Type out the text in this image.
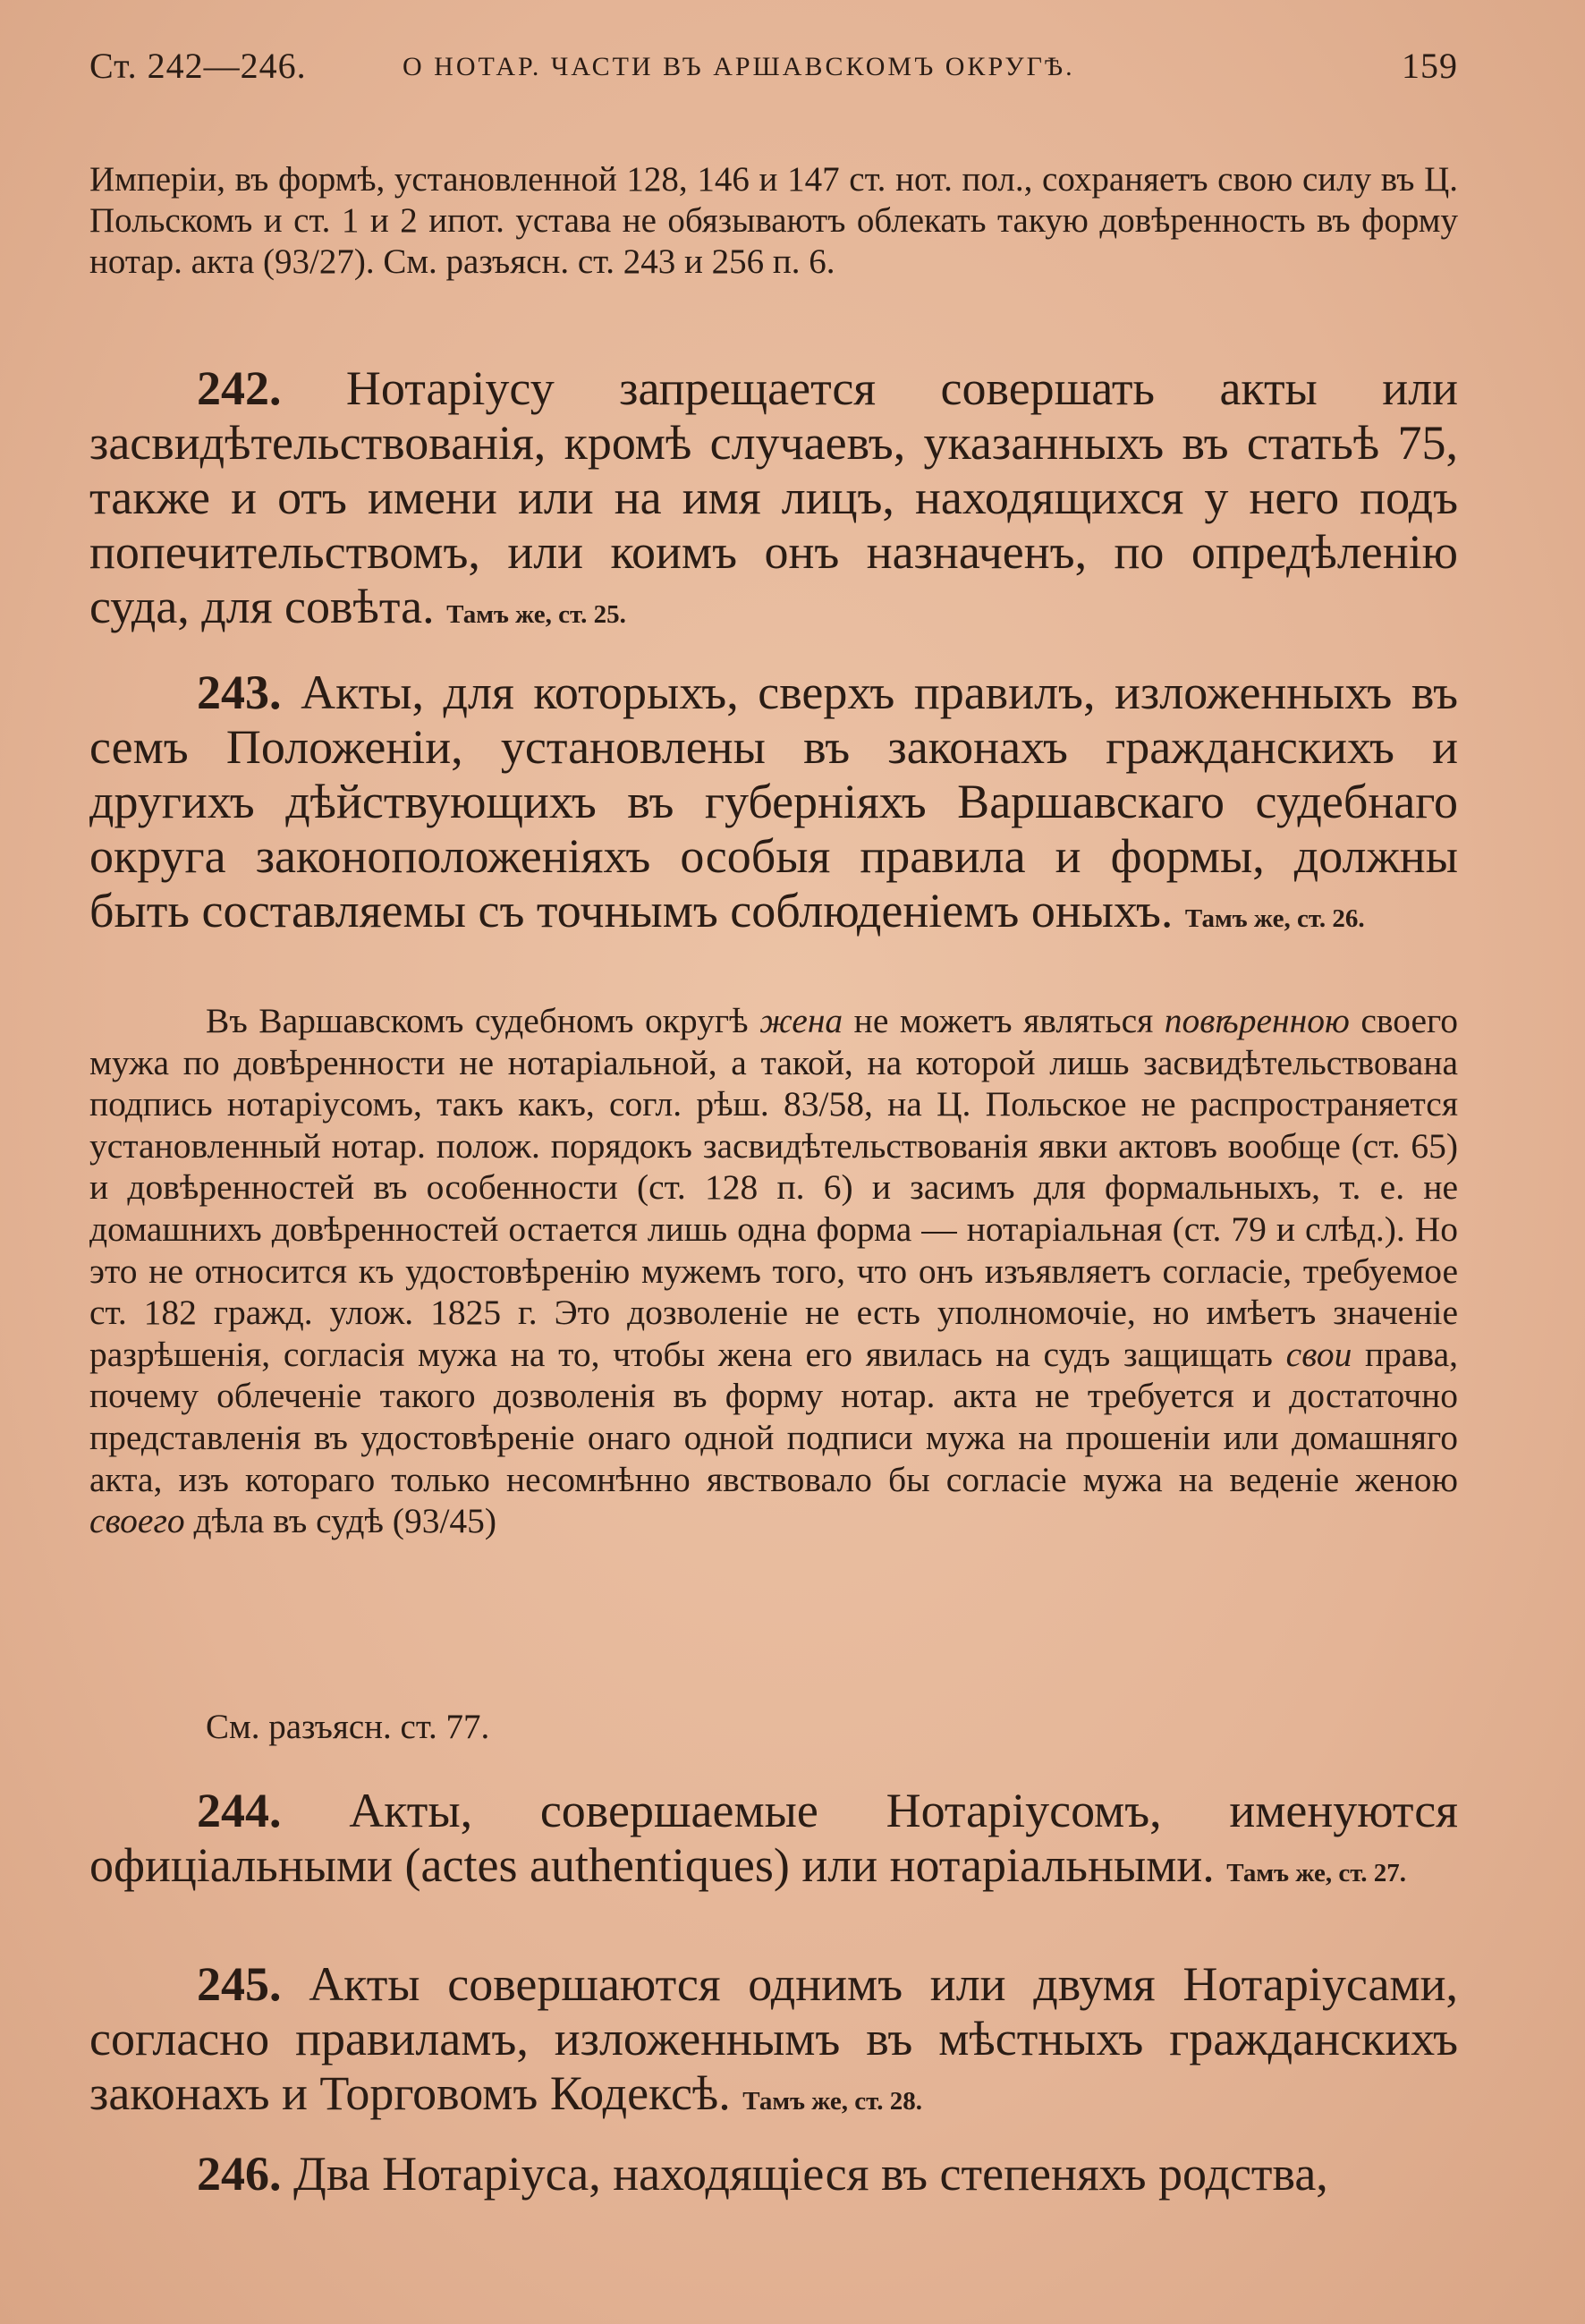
Ст. 242—246.	О НОТАР. ЧАСТИ ВЪ АРШАВСКОМЪ ОКРУГѢ.	159

Имперіи, въ формѣ, установленной 128, 146 и 147 ст. нот. пол., сохраняетъ свою силу въ Ц. Польскомъ и ст. 1 и 2 ипот. устава не обязываютъ облекать такую довѣренность въ форму нотар. акта (93/27). См. разъясн. ст. 243 и 256 п. 6.

242. Нотаріусу запрещается совершать акты или засвидѣтельствованія, кромѣ случаевъ, указанныхъ въ статьѣ 75, также и отъ имени или на имя лицъ, находящихся у него подъ попечительствомъ, или коимъ онъ назначенъ, по опредѣленію суда, для совѣта. Тамъ же, ст. 25.

243. Акты, для которыхъ, сверхъ правилъ, изложенныхъ въ семъ Положеніи, установлены въ законахъ гражданскихъ и другихъ дѣйствующихъ въ губерніяхъ Варшавскаго судебнаго округа законоположеніяхъ особыя правила и формы, должны быть составляемы съ точнымъ соблюденіемъ оныхъ. Тамъ же, ст. 26.

Въ Варшавскомъ судебномъ округѣ жена не можетъ являться повѣренною своего мужа по довѣренности не нотаріальной, а такой, на которой лишь засвидѣтельствована подпись нотаріусомъ, такъ какъ, согл. рѣш. 83/58, на Ц. Польское не распространяется установленный нотар. полож. порядокъ засвидѣтельствованія явки актовъ вообще (ст. 65) и довѣренностей въ особенности (ст. 128 п. 6) и засимъ для формальныхъ, т. е. не домашнихъ довѣренностей остается лишь одна форма — нотаріальная (ст. 79 и слѣд.). Но это не относится къ удостовѣренію мужемъ того, что онъ изъявляетъ согласіе, требуемое ст. 182 гражд. улож. 1825 г. Это дозволеніе не есть уполномочіе, но имѣетъ значеніе разрѣшенія, согласія мужа на то, чтобы жена его явилась на судъ защищать свои права, почему облеченіе такого дозволенія въ форму нотар. акта не требуется и достаточно представленія въ удостовѣреніе онаго одной подписи мужа на прошеніи или домашняго акта, изъ котораго только несомнѣнно явствовало бы согласіе мужа на веденіе женою своего дѣла въ судѣ (93/45)

См. разъясн. ст. 77.

244. Акты, совершаемые Нотаріусомъ, именуются офиціальными (actes authentiques) или нотаріальными. Тамъ же, ст. 27.

245. Акты совершаются однимъ или двумя Нотаріусами, согласно правиламъ, изложеннымъ въ мѣстныхъ гражданскихъ законахъ и Торговомъ Кодексѣ. Тамъ же, ст. 28.

246. Два Нотаріуса, находящіеся въ степеняхъ родства,
